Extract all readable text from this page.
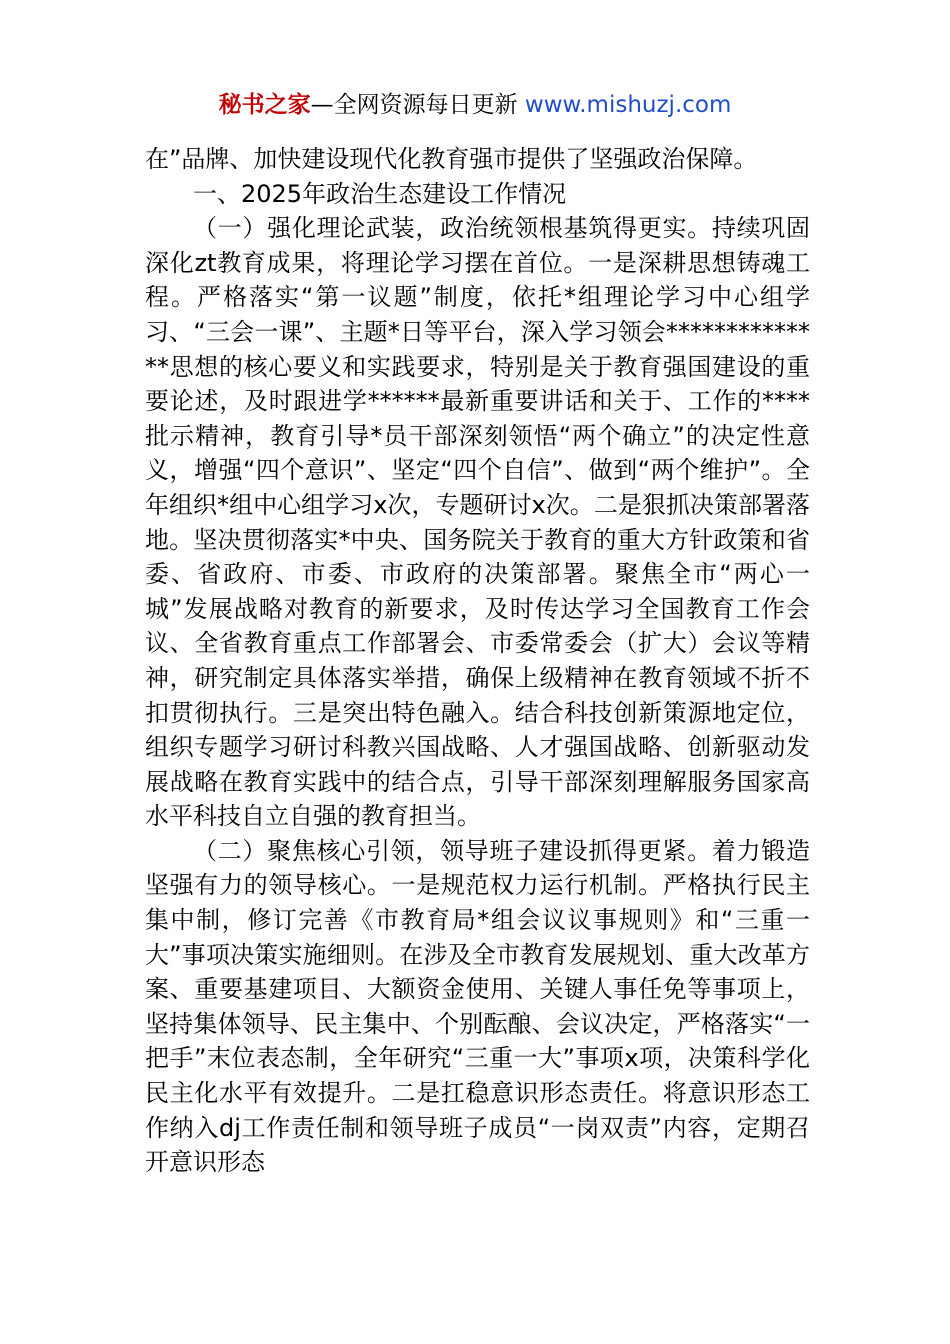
秘书之家—全网资源每日更新 www.mishuzj.com

在”品牌、加快建设现代化教育强市提供了坚强政治保障。

一、2025年政治生态建设工作情况

（一）强化理论武装，政治统领根基筑得更实。持续巩固深化zt教育成果，将理论学习摆在首位。一是深耕思想铸魂工程。严格落实“第一议题”制度，依托*组理论学习中心组学习、“三会一课”、主题*日等平台，深入学习领会**************思想的核心要义和实践要求，特别是关于教育强国建设的重要论述，及时跟进学******最新重要讲话和关于、工作的****批示精神，教育引导*员干部深刻领悟“两个确立”的决定性意义，增强“四个意识”、坚定“四个自信”、做到“两个维护”。全年组织*组中心组学习x次，专题研讨x次。二是狠抓决策部署落地。坚决贯彻落实*中央、国务院关于教育的重大方针政策和省委、省政府、市委、市政府的决策部署。聚焦全市“两心一城”发展战略对教育的新要求，及时传达学习全国教育工作会议、全省教育重点工作部署会、市委常委会（扩大）会议等精神，研究制定具体落实举措，确保上级精神在教育领域不折不扣贯彻执行。三是突出特色融入。结合科技创新策源地定位，组织专题学习研讨科教兴国战略、人才强国战略、创新驱动发展战略在教育实践中的结合点，引导干部深刻理解服务国家高水平科技自立自强的教育担当。

（二）聚焦核心引领，领导班子建设抓得更紧。着力锻造坚强有力的领导核心。一是规范权力运行机制。严格执行民主集中制，修订完善《市教育局*组会议议事规则》和“三重一大”事项决策实施细则。在涉及全市教育发展规划、重大改革方案、重要基建项目、大额资金使用、关键人事任免等事项上，坚持集体领导、民主集中、个别酝酿、会议决定，严格落实“一把手”末位表态制，全年研究“三重一大”事项x项，决策科学化民主化水平有效提升。二是扛稳意识形态责任。将意识形态工作纳入dj工作责任制和领导班子成员“一岗双责”内容，定期召开意识形态
